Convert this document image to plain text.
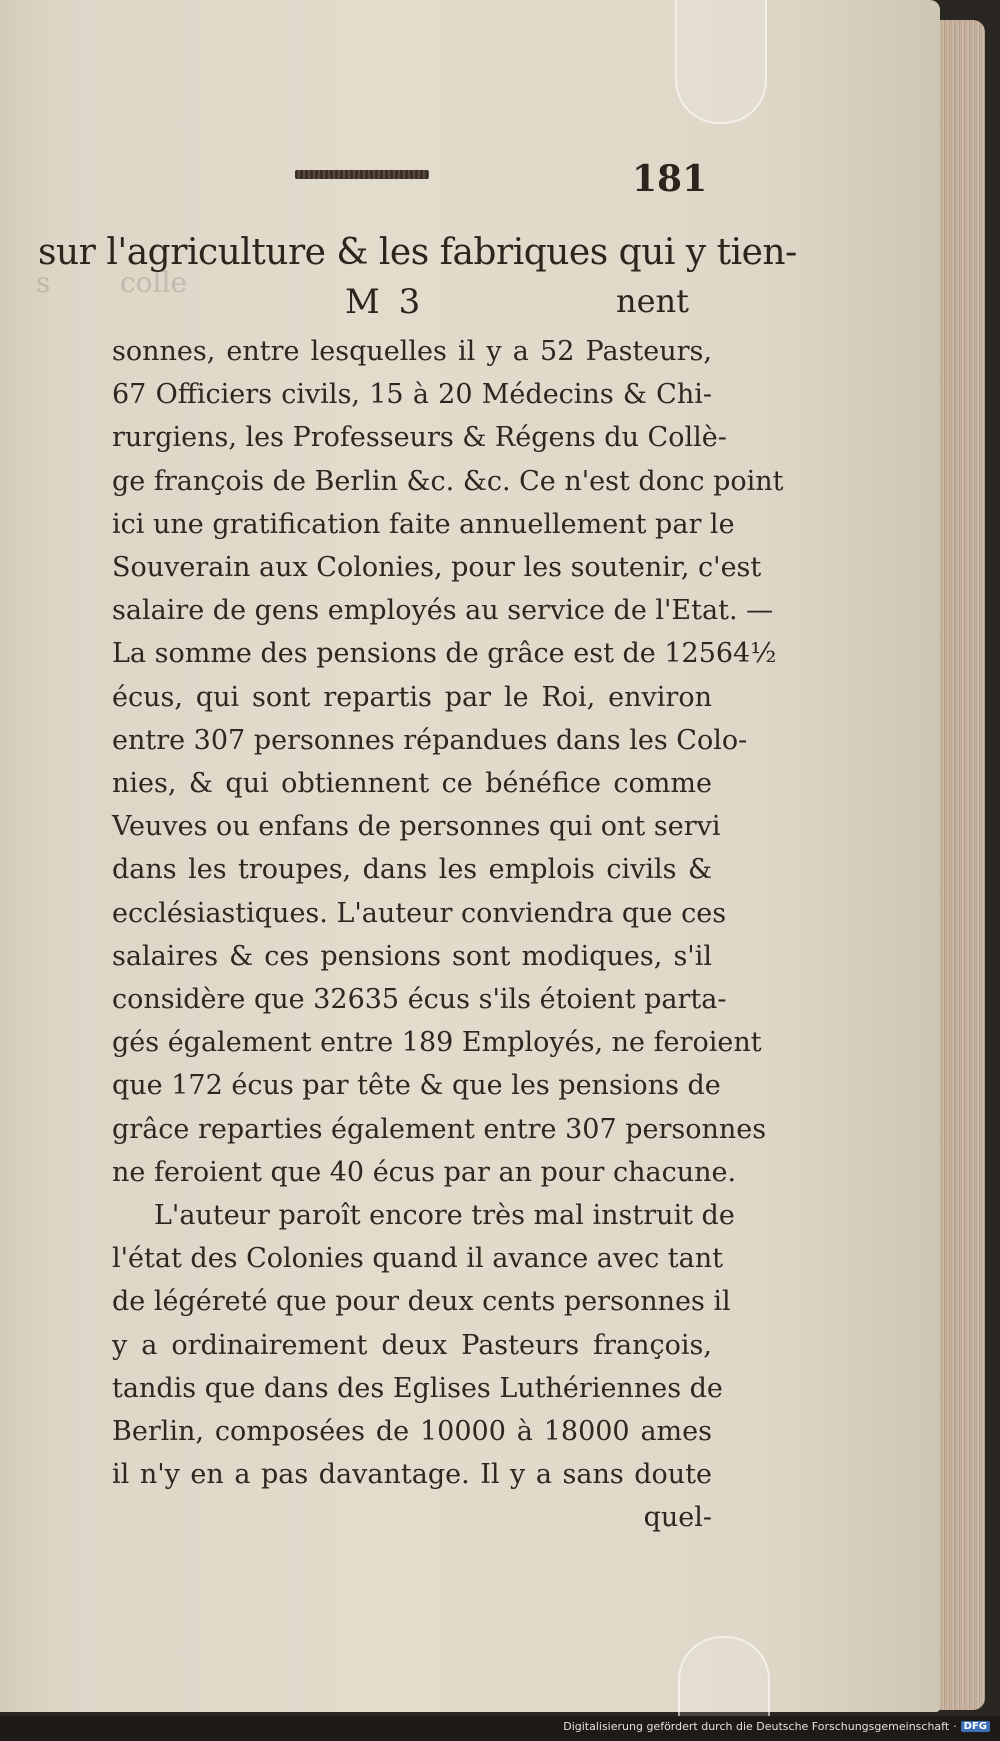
181
s colle
sur l'agriculture & les fabriques qui y tien-
M 3	nent
sonnes, entre lesquelles il y a 52 Pasteurs,
67 Officiers civils, 15 à 20 Médecins & Chi-
rurgiens, les Professeurs & Régens du Collè-
ge françois de Berlin &c. &c. Ce n'est donc point
ici une gratification faite annuellement par le
Souverain aux Colonies, pour les soutenir, c'est
salaire de gens employés au service de l'Etat. —
La somme des pensions de grâce est de 12564½
écus, qui sont repartis par le Roi, environ
entre 307 personnes répandues dans les Colo-
nies, & qui obtiennent ce bénéfice comme
Veuves ou enfans de personnes qui ont servi
dans les troupes, dans les emplois civils &
ecclésiastiques. L'auteur conviendra que ces
salaires & ces pensions sont modiques, s'il
considère que 32635 écus s'ils étoient parta-
gés également entre 189 Employés, ne feroient
que 172 écus par tête & que les pensions de
grâce reparties également entre 307 personnes
ne feroient que 40 écus par an pour chacune.
L'auteur paroît encore très mal instruit de
l'état des Colonies quand il avance avec tant
de légéreté que pour deux cents personnes il
y a ordinairement deux Pasteurs françois,
tandis que dans des Eglises Luthériennes de
Berlin, composées de 10000 à 18000 ames
il n'y en a pas davantage. Il y a sans doute
quel-
Digitalisierung gefördert durch die Deutsche Forschungsgemeinschaft · DFG
